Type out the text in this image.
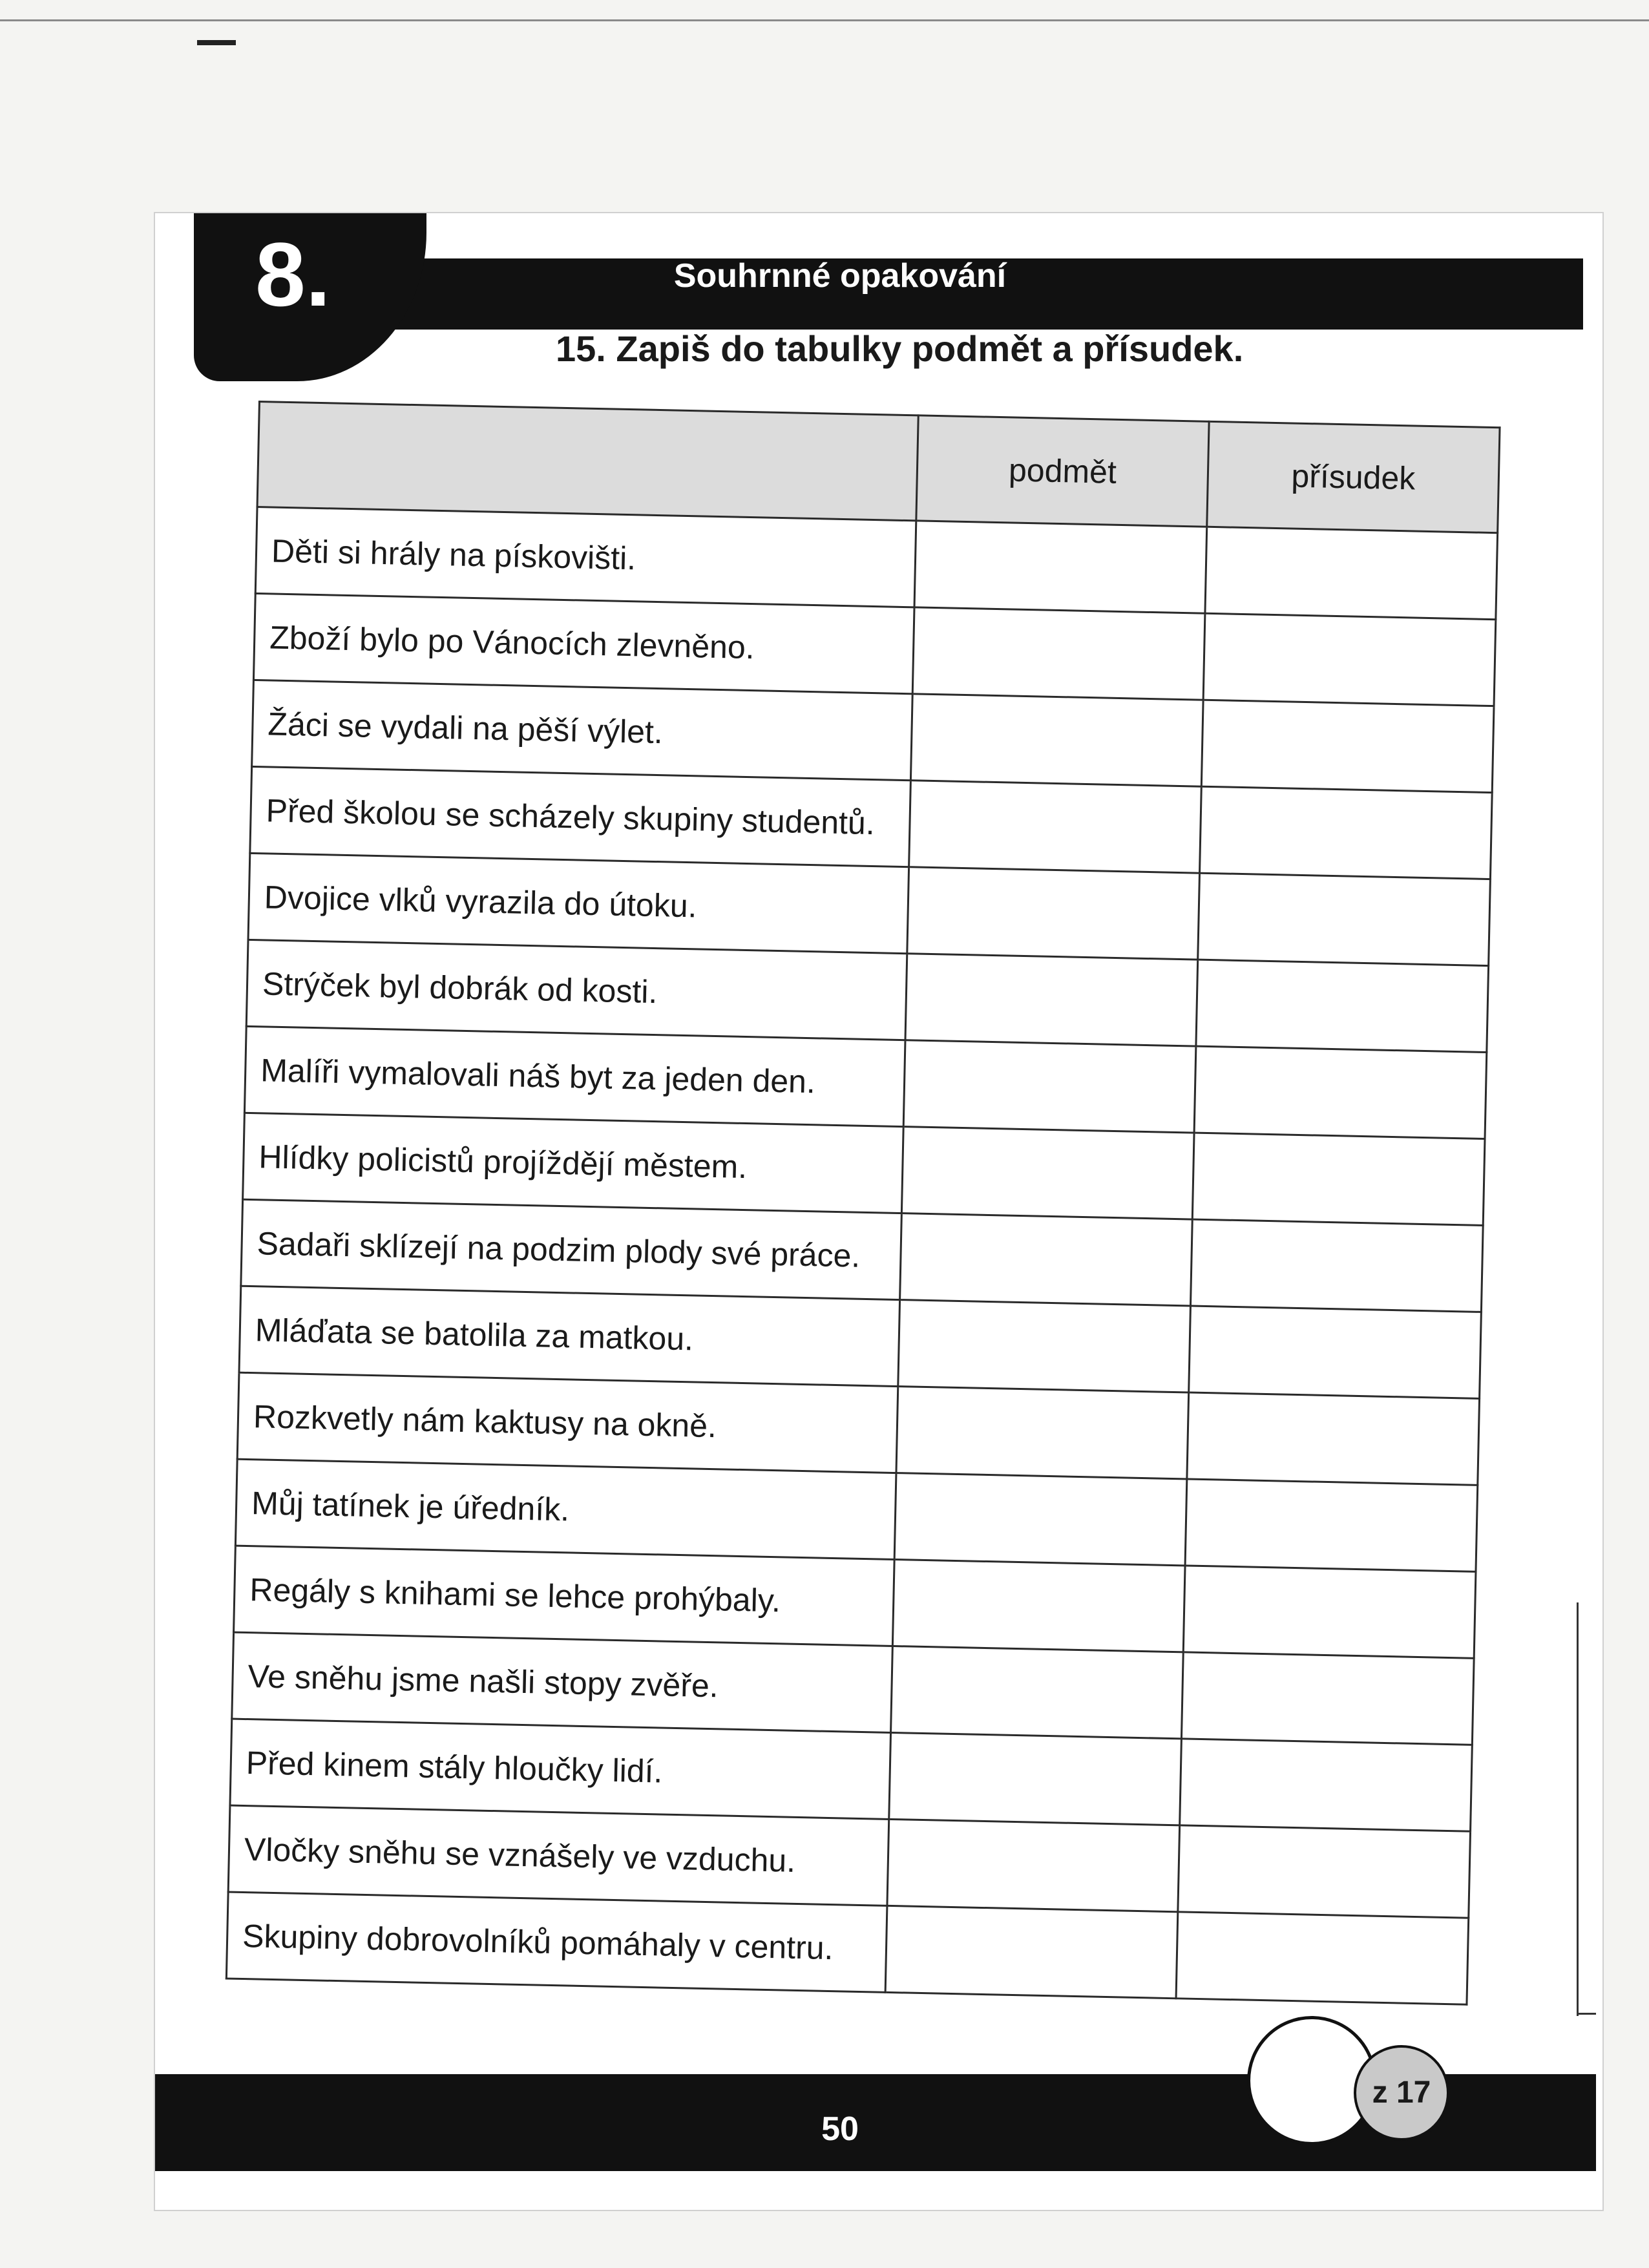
8.	Souhrnné opakování
15. Zapiš do tabulky podmět a přísudek.
	podmět	přísudek
Děti si hrály na pískovišti.		
Zboží bylo po Vánocích zlevněno.		
Žáci se vydali na pěší výlet.		
Před školou se scházely skupiny studentů.		
Dvojice vlků vyrazila do útoku.		
Strýček byl dobrák od kosti.		
Malíři vymalovali náš byt za jeden den.		
Hlídky policistů projíždějí městem.		
Sadaři sklízejí na podzim plody své práce.		
Mláďata se batolila za matkou.		
Rozkvetly nám kaktusy na okně.		
Můj tatínek je úředník.		
Regály s knihami se lehce prohýbaly.		
Ve sněhu jsme našli stopy zvěře.		
Před kinem stály hloučky lidí.		
Vločky sněhu se vznášely ve vzduchu.		
Skupiny dobrovolníků pomáhaly v centru.		
50
z 17
